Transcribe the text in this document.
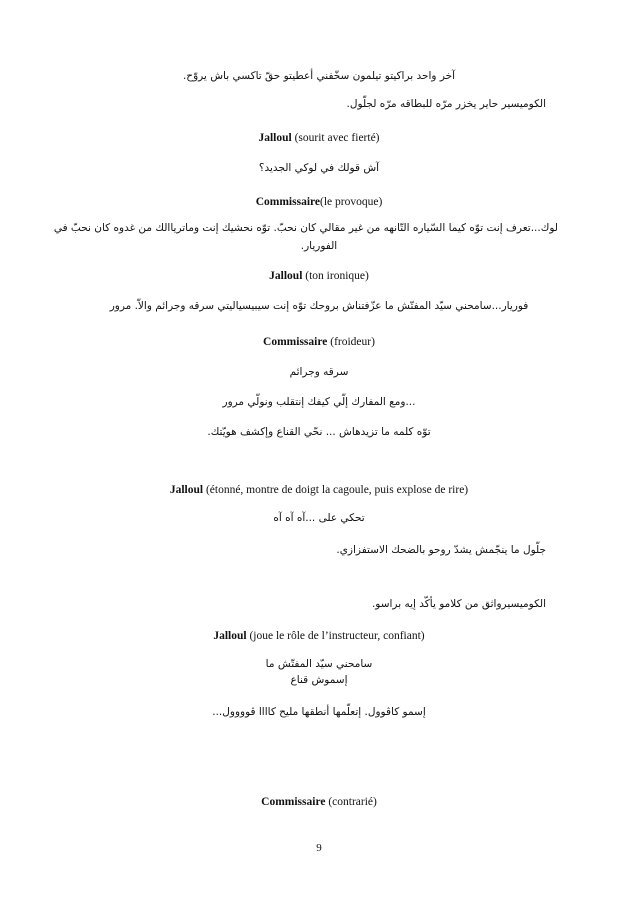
آخر واحد براكيتو تيلمون سخّفني أعطيتو حقّ تاكسي باش يروّح.
الكوميسير حاير يخزر مرّه للبطاقه مرّه لجلّول.
Jalloul (sourit avec fierté)
آش قولك في لوكي الجديد؟
Commissaire(le provoque)
لوك...تعرف إنت توّه كيما السّياره التّانهه من غير مقالي كان نحبّ. توّه نحشيك إنت وماترياالك من غدوه كان نحبّ في
الفوريار.
Jalloul (ton ironique)
فوريار...سامحني سيّد المفتّش ما عزّفتناش بروحك توّه إنت سيبيسياليتي سرقه وجرائم والاّ. مرور
Commissaire (froideur)
سرقه وجرائم
...ومع المفارك إلّي كيفك إنتقلب ونولّي مرور
توّه كلمه ما تزيدهاش ... نحّي القناع وإكشف هويّتك.
Jalloul (étonné, montre de doigt la cagoule, puis explose de rire)
تحكي على ...آه آه آه
جلّول ما ينجّمش يشدّ روحو بالضحك الاستفزازي.
الكوميسيرواثق من كلامو يأكّد إيه براسو.
Jalloul (joue le rôle de l’instructeur, confiant)
سامحني سيّد المفتّش ما
إسموش قناع
إسمو كاڨوول. إتعلّمها أنطقها مليح كاااا ڨوووول...
Commissaire (contrarié)
9
